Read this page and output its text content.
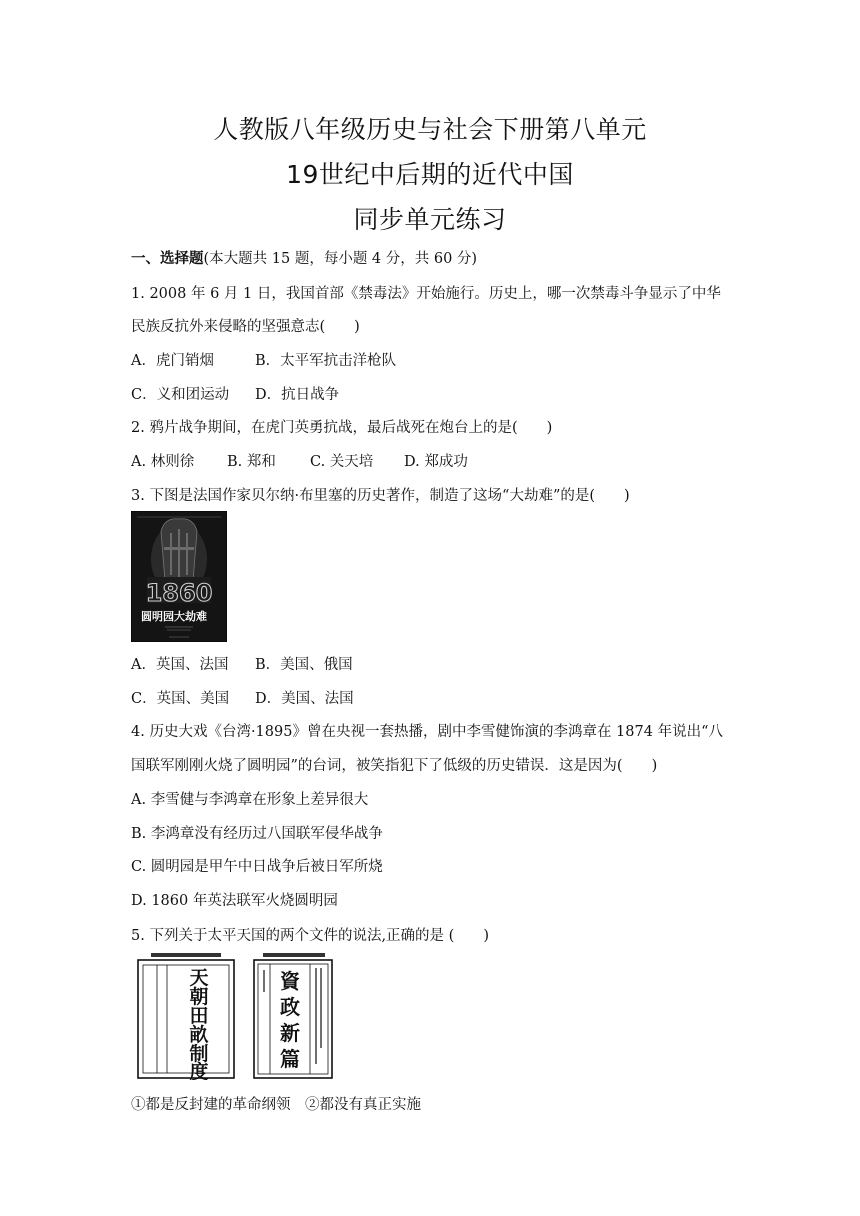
人教版八年级历史与社会下册第八单元
19世纪中后期的近代中国
同步单元练习
一、选择题(本大题共 15 题，每小题 4 分，共 60 分)
1. 2008 年 6 月 1 日，我国首部《禁毒法》开始施行。历史上，哪一次禁毒斗争显示了中华
民族反抗外来侵略的坚强意志(　　)
A．虎门销烟	B．太平军抗击洋枪队
C．义和团运动 D．抗日战争
2. 鸦片战争期间，在虎门英勇抗战，最后战死在炮台上的是(　　)
A. 林则徐 B. 郑和 C. 关天培 D. 郑成功
3. 下图是法国作家贝尔纳·布里塞的历史著作，制造了这场“大劫难”的是(　　)
1860
圆明园大劫难
A．英国、法国 B．美国、俄国
C．英国、美国 D．美国、法国
4. 历史大戏《台湾·1895》曾在央视一套热播，剧中李雪健饰演的李鸿章在 1874 年说出“八
国联军刚刚火烧了圆明园”的台词，被笑指犯下了低级的历史错误．这是因为(　　)
A. 李雪健与李鸿章在形象上差异很大
B. 李鸿章没有经历过八国联军侵华战争
C. 圆明园是甲午中日战争后被日军所烧
D. 1860 年英法联军火烧圆明园
5. 下列关于太平天国的两个文件的说法,正确的是 (　　)
天
朝
田
畝
制
度
資
政
新
篇
①都是反封建的革命纲领　②都没有真正实施
